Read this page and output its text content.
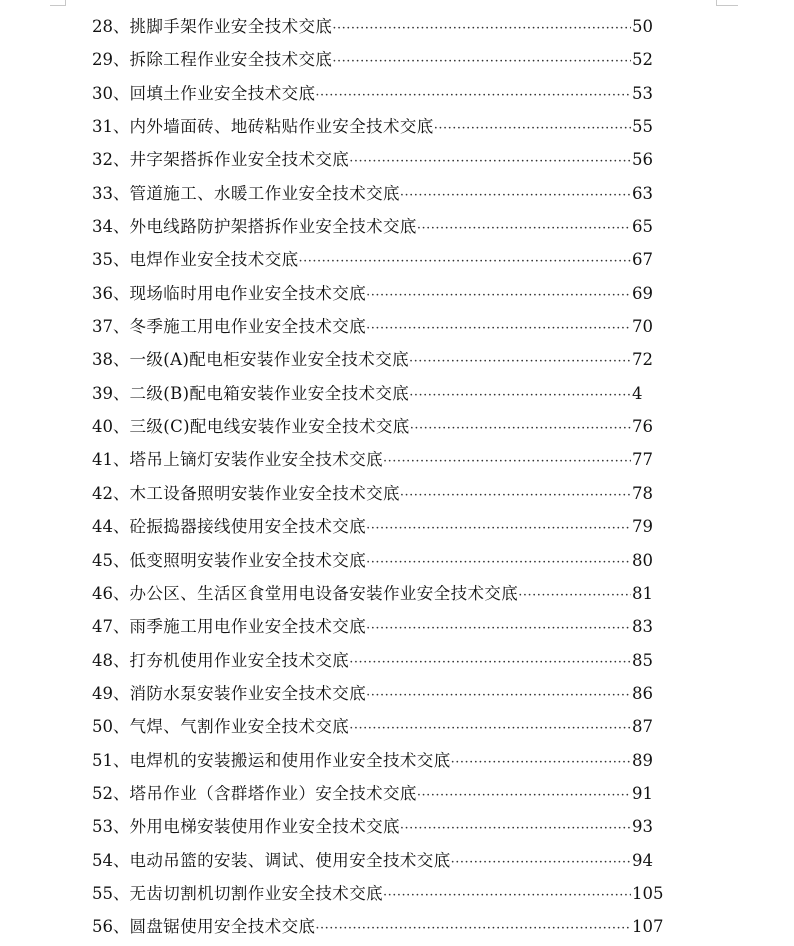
28、 挑脚手架作业安全技术交底 ·····	50
29、 拆除工程作业安全技术交底 ·····	52
30、 回填土作业安全技术交底 ·····	53
31、 内外墙面砖、地砖粘贴作业安全技术交底 ·····	55
32、 井字架搭拆作业安全技术交底 ·····	56
33、 管道施工、水暖工作业安全技术交底 ·····	63
34、 外电线路防护架搭拆作业安全技术交底 ·····	65
35、 电焊作业安全技术交底 ·····	67
36、 现场临时用电作业安全技术交底 ·····	69
37、 冬季施工用电作业安全技术交底 ·····	70
38、 一级(A)配电柜安装作业安全技术交底 ·····	72
39、 二级(B)配电箱安装作业安全技术交底 ·····	4
40、 三级(C)配电线安装作业安全技术交底 ·····	76
41、 塔吊上镝灯安装作业安全技术交底 ·····	77
42、 木工设备照明安装作业安全技术交底 ·····	78
44、 砼振捣器接线使用安全技术交底 ·····	79
45、 低变照明安装作业安全技术交底 ·····	80
46、 办公区、生活区食堂用电设备安装作业安全技术交底 ·····	81
47、 雨季施工用电作业安全技术交底 ·····	83
48、 打夯机使用作业安全技术交底 ·····	85
49、 消防水泵安装作业安全技术交底 ·····	86
50、 气焊、气割作业安全技术交底 ·····	87
51、 电焊机的安装搬运和使用作业安全技术交底 ·····	89
52、 塔吊作业（含群塔作业）安全技术交底 ·····	91
53、 外用电梯安装使用作业安全技术交底 ·····	93
54、 电动吊篮的安装、调试、使用安全技术交底 ·····	94
55、 无齿切割机切割作业安全技术交底 ·····	105
56、 圆盘锯使用安全技术交底 ·····	107
